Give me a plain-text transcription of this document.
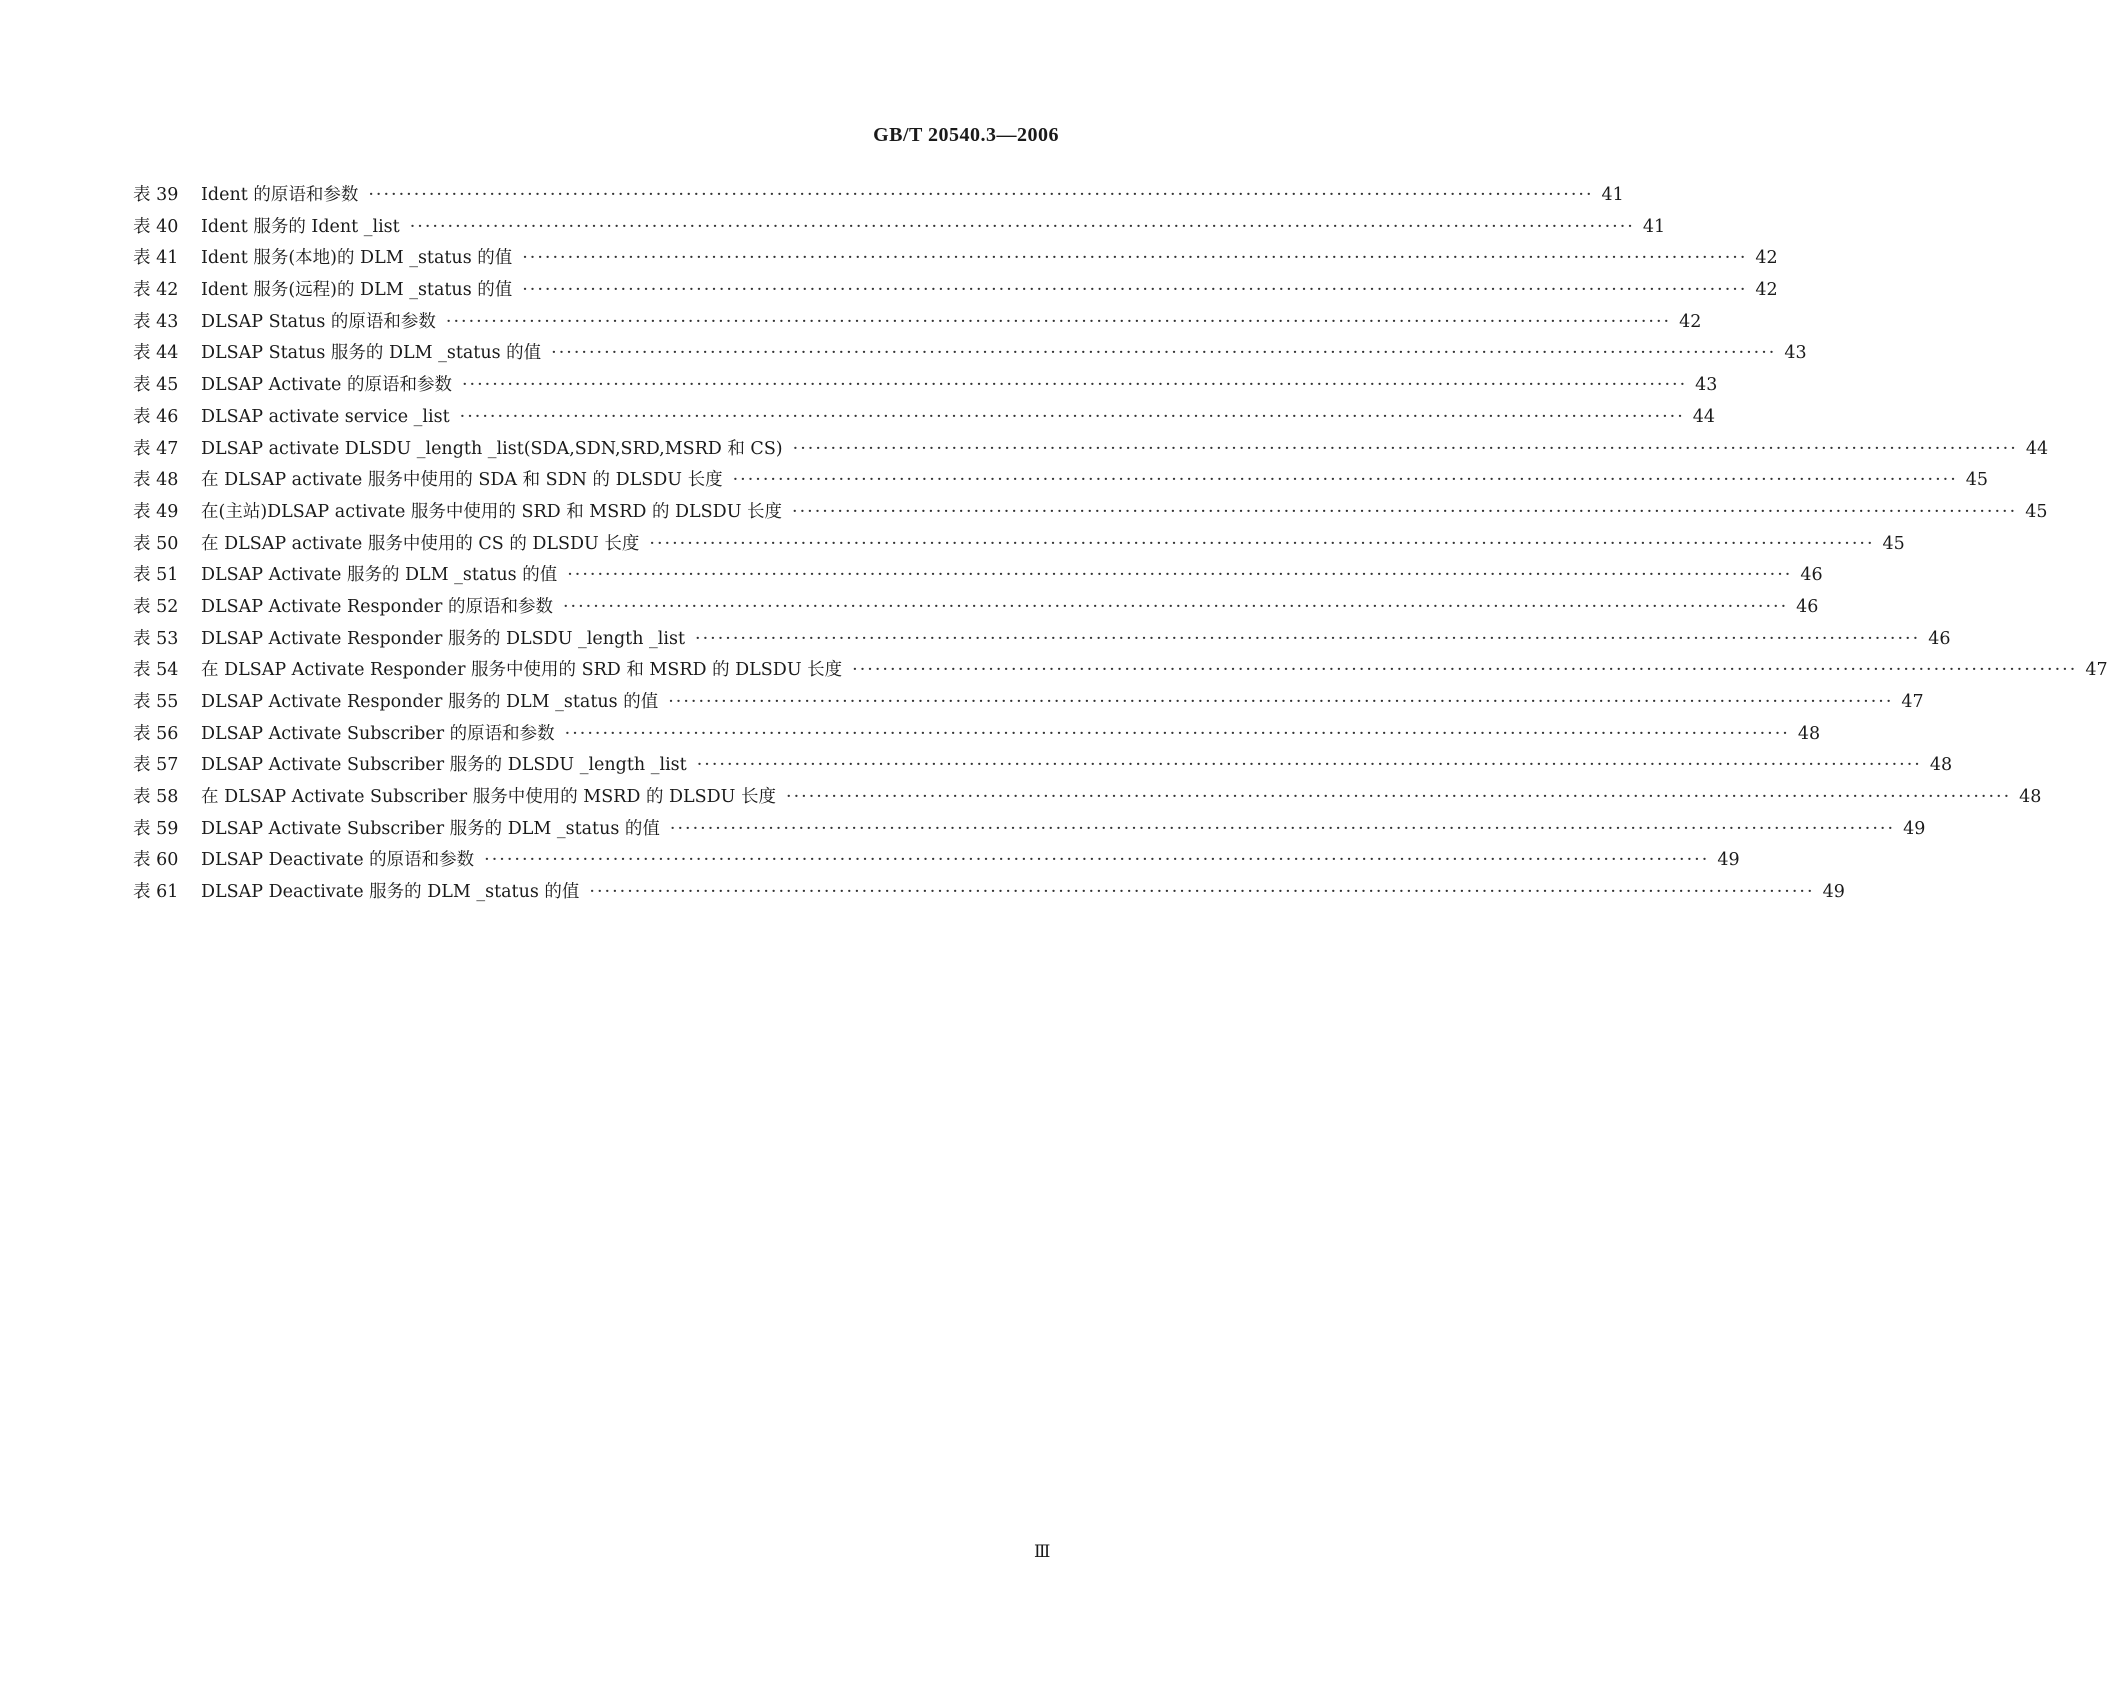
GB/T 20540.3—2006
表 39	Ident 的原语和参数 ·····	41
表 40	Ident 服务的 Ident _list ·····	41
表 41	Ident 服务(本地)的 DLM _status 的值 ·····	42
表 42	Ident 服务(远程)的 DLM _status 的值 ·····	42
表 43	DLSAP Status 的原语和参数 ·····	42
表 44	DLSAP Status 服务的 DLM _status 的值 ·····	43
表 45	DLSAP Activate 的原语和参数 ·····	43
表 46	DLSAP activate service _list ·····	44
表 47	DLSAP activate DLSDU _length _list(SDA,SDN,SRD,MSRD 和 CS) ·····	44
表 48	在 DLSAP activate 服务中使用的 SDA 和 SDN 的 DLSDU 长度 ·····	45
表 49	在(主站)DLSAP activate 服务中使用的 SRD 和 MSRD 的 DLSDU 长度 ·····	45
表 50	在 DLSAP activate 服务中使用的 CS 的 DLSDU 长度 ·····	45
表 51	DLSAP Activate 服务的 DLM _status 的值 ·····	46
表 52	DLSAP Activate Responder 的原语和参数 ·····	46
表 53	DLSAP Activate Responder 服务的 DLSDU _length _list ·····	46
表 54	在 DLSAP Activate Responder 服务中使用的 SRD 和 MSRD 的 DLSDU 长度 ·····	47
表 55	DLSAP Activate Responder 服务的 DLM _status 的值 ·····	47
表 56	DLSAP Activate Subscriber 的原语和参数 ·····	48
表 57	DLSAP Activate Subscriber 服务的 DLSDU _length _list ·····	48
表 58	在 DLSAP Activate Subscriber 服务中使用的 MSRD 的 DLSDU 长度 ·····	48
表 59	DLSAP Activate Subscriber 服务的 DLM _status 的值 ·····	49
表 60	DLSAP Deactivate 的原语和参数 ·····	49
表 61	DLSAP Deactivate 服务的 DLM _status 的值 ·····	49
Ⅲ
